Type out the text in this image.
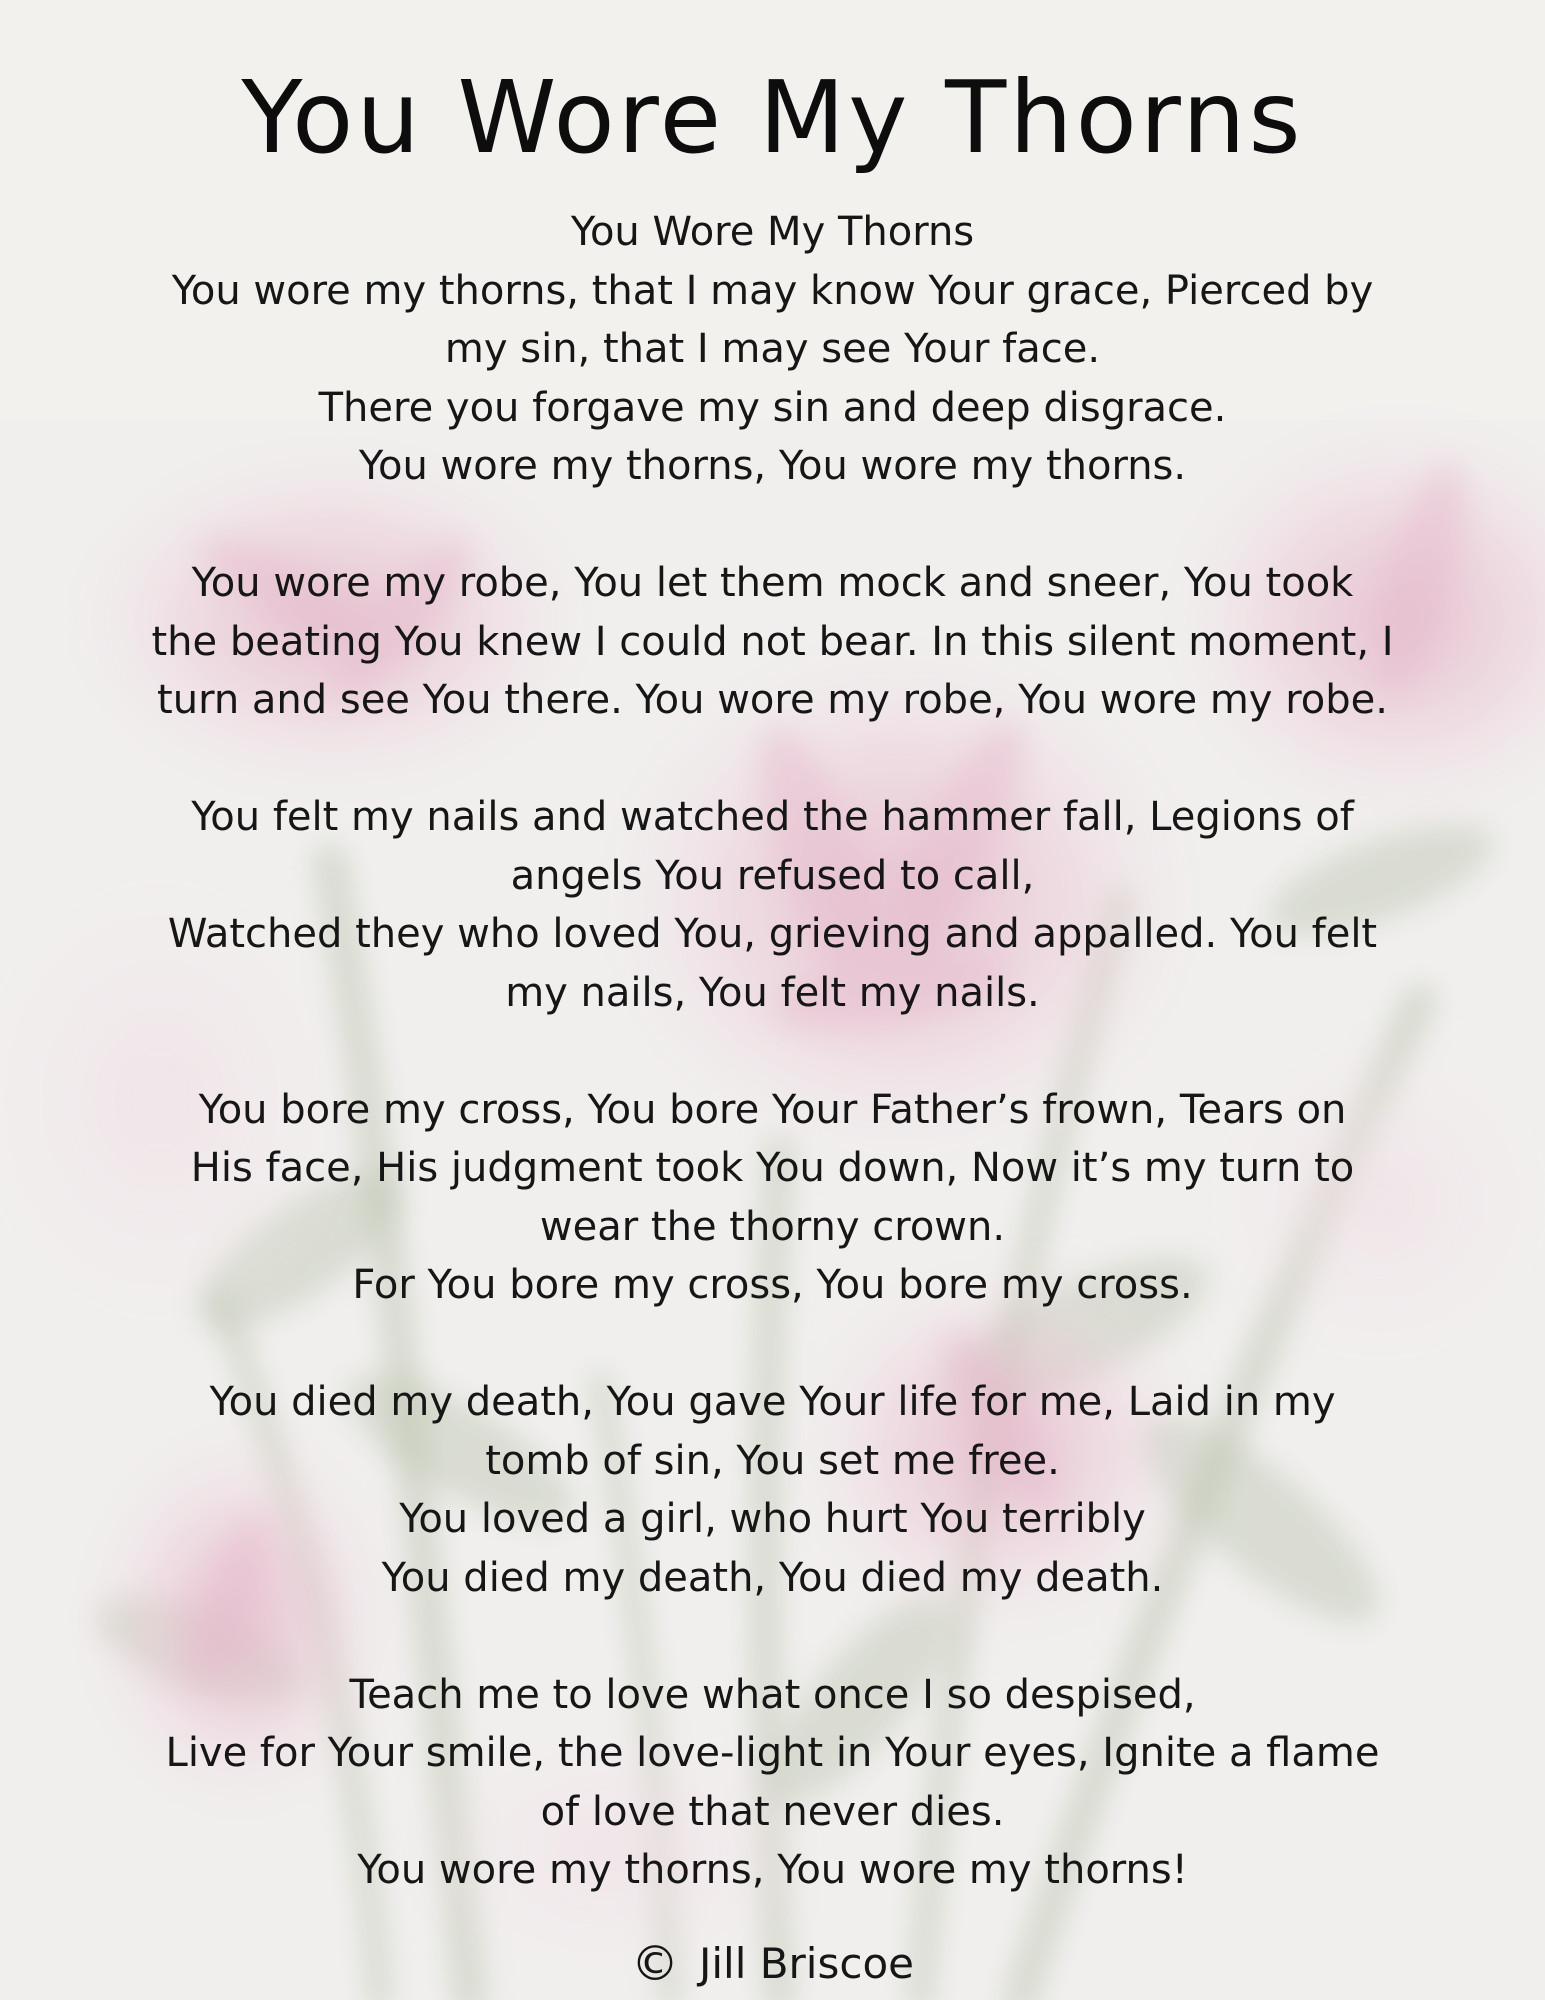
You Wore My Thorns
You Wore My Thorns
You wore my thorns, that I may know Your grace, Pierced by
my sin, that I may see Your face.
There you forgave my sin and deep disgrace.
You wore my thorns, You wore my thorns.
You wore my robe, You let them mock and sneer, You took
the beating You knew I could not bear. In this silent moment, I
turn and see You there. You wore my robe, You wore my robe.
You felt my nails and watched the hammer fall, Legions of
angels You refused to call,
Watched they who loved You, grieving and appalled. You felt
my nails, You felt my nails.
You bore my cross, You bore Your Father’s frown, Tears on
His face, His judgment took You down, Now it’s my turn to
wear the thorny crown.
For You bore my cross, You bore my cross.
You died my death, You gave Your life for me, Laid in my
tomb of sin, You set me free.
You loved a girl, who hurt You terribly
You died my death, You died my death.
Teach me to love what once I so despised,
Live for Your smile, the love-light in Your eyes, Ignite a flame
of love that never dies.
You wore my thorns, You wore my thorns!
© Jill Briscoe
